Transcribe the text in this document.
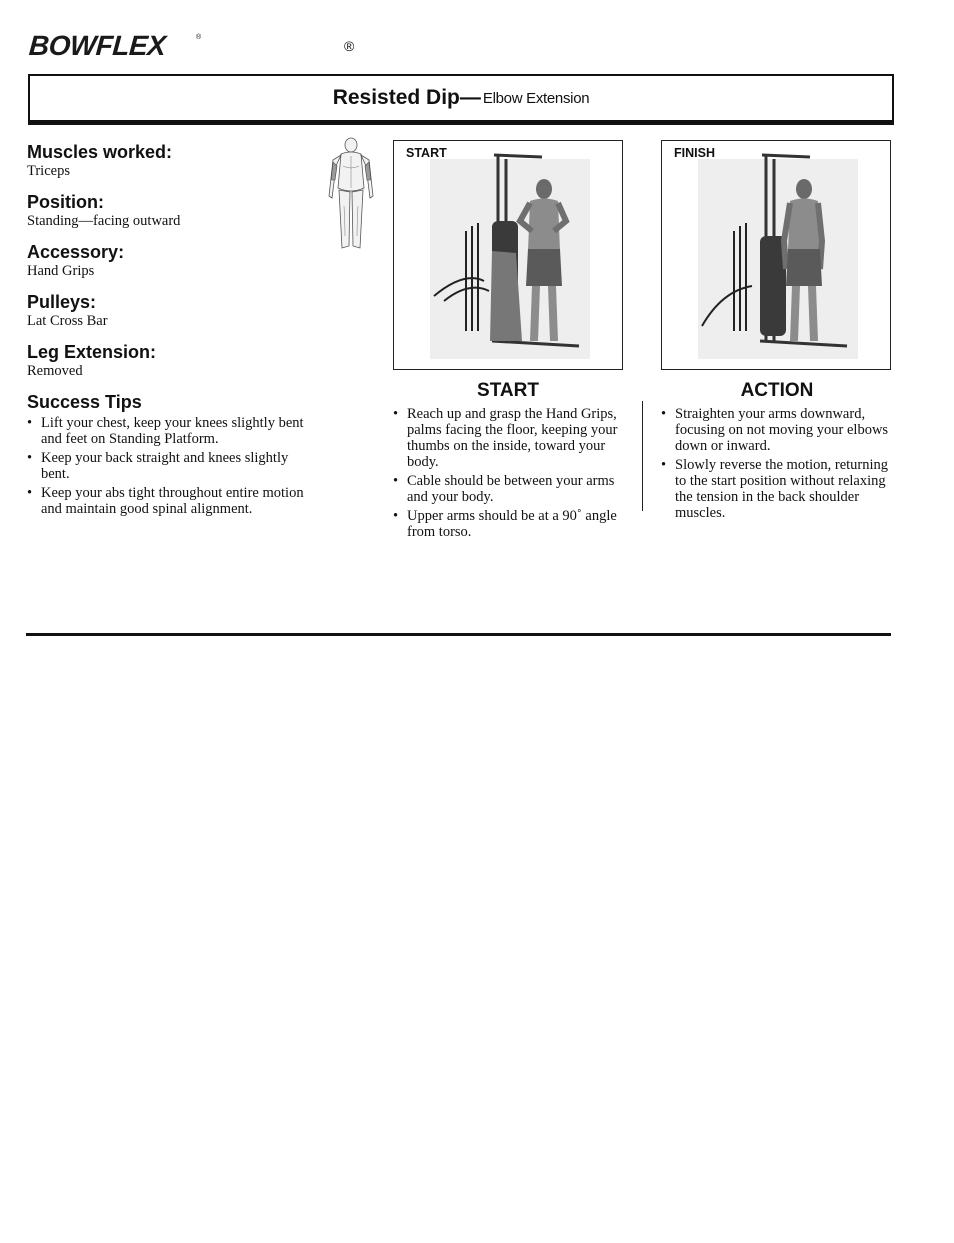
BOWFLEX	®
®
Resisted Dip— Elbow Extension
Muscles worked:

Triceps

Position:

Standing—facing outward

Accessory:

Hand Grips

Pulleys:

Lat Cross Bar

Leg Extension:

Removed

Success Tips
• Lift your chest, keep your knees slightly bent and feet on Standing Platform.
• Keep your back straight and knees slightly bent.
• Keep your abs tight throughout entire motion and maintain good spinal alignment.
START	FINISH
START
• Reach up and grasp the Hand Grips, palms facing the floor, keeping your thumbs on the inside, toward your body.
• Cable should be between your arms and your body.
• Upper arms should be at a 90˚ angle from torso.
ACTION
• Straighten your arms downward, focusing on not moving your elbows down or inward.
• Slowly reverse the motion, returning to the start position without relaxing the tension in the back shoulder muscles.
